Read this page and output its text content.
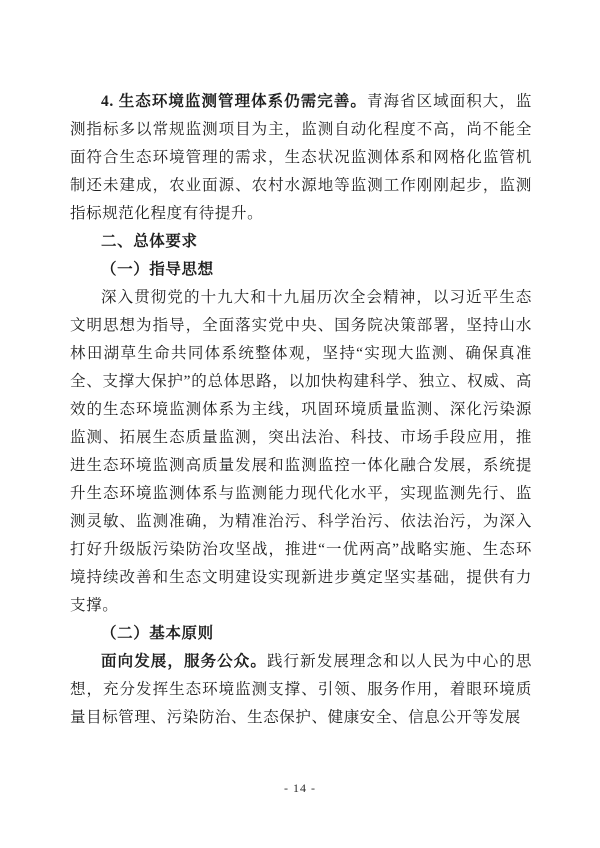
4. 生态环境监测管理体系仍需完善。青海省区域面积大，监测指标多以常规监测项目为主，监测自动化程度不高，尚不能全面符合生态环境管理的需求，生态状况监测体系和网格化监管机制还未建成，农业面源、农村水源地等监测工作刚刚起步，监测指标规范化程度有待提升。

二、总体要求

（一）指导思想

深入贯彻党的十九大和十九届历次全会精神，以习近平生态文明思想为指导，全面落实党中央、国务院决策部署，坚持山水林田湖草生命共同体系统整体观，坚持“实现大监测、确保真准全、支撑大保护”的总体思路，以加快构建科学、独立、权威、高效的生态环境监测体系为主线，巩固环境质量监测、深化污染源监测、拓展生态质量监测，突出法治、科技、市场手段应用，推进生态环境监测高质量发展和监测监控一体化融合发展，系统提升生态环境监测体系与监测能力现代化水平，实现监测先行、监测灵敏、监测准确，为精准治污、科学治污、依法治污，为深入打好升级版污染防治攻坚战，推进“一优两高”战略实施、生态环境持续改善和生态文明建设实现新进步奠定坚实基础，提供有力支撑。

（二）基本原则

面向发展，服务公众。践行新发展理念和以人民为中心的思想，充分发挥生态环境监测支撑、引领、服务作用，着眼环境质量目标管理、污染防治、生态保护、健康安全、信息公开等发展

- 14 -
